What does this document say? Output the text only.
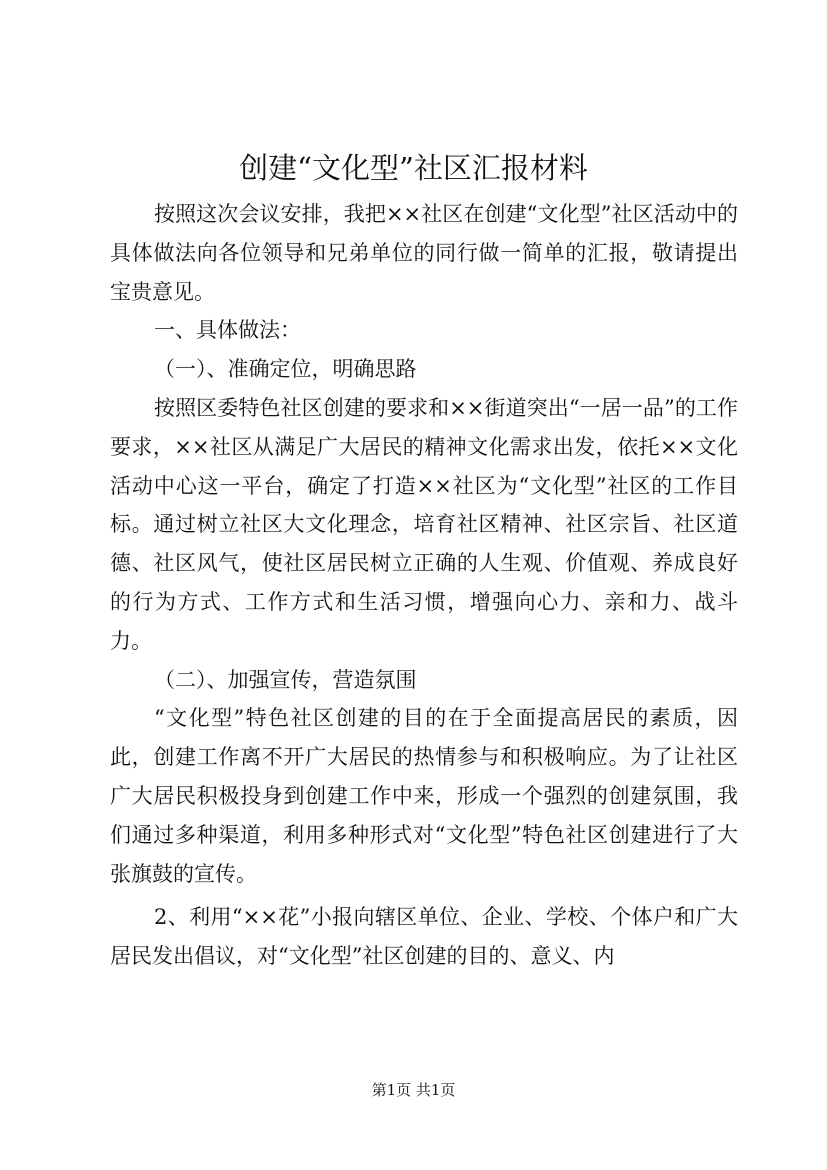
创建“文化型”社区汇报材料

按照这次会议安排，我把××社区在创建“文化型”社区活动中的具体做法向各位领导和兄弟单位的同行做一简单的汇报，敬请提出宝贵意见。

一、具体做法：

（一）、准确定位，明确思路

按照区委特色社区创建的要求和××街道突出“一居一品”的工作要求，××社区从满足广大居民的精神文化需求出发，依托××文化活动中心这一平台，确定了打造××社区为“文化型”社区的工作目标。通过树立社区大文化理念，培育社区精神、社区宗旨、社区道德、社区风气，使社区居民树立正确的人生观、价值观、养成良好的行为方式、工作方式和生活习惯，增强向心力、亲和力、战斗力。

（二）、加强宣传，营造氛围

“文化型”特色社区创建的目的在于全面提高居民的素质，因此，创建工作离不开广大居民的热情参与和积极响应。为了让社区广大居民积极投身到创建工作中来，形成一个强烈的创建氛围，我们通过多种渠道，利用多种形式对“文化型”特色社区创建进行了大张旗鼓的宣传。

2、利用“××花”小报向辖区单位、企业、学校、个体户和广大居民发出倡议，对“文化型”社区创建的目的、意义、内

第1页 共1页
